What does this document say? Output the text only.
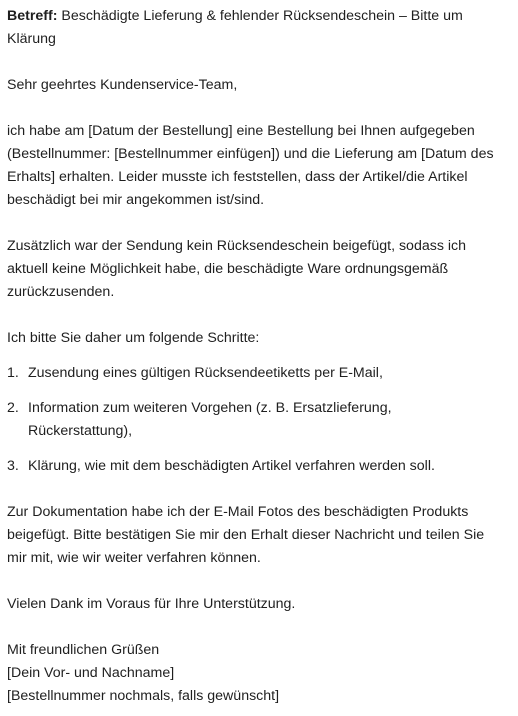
Betreff: Beschädigte Lieferung & fehlender Rücksendeschein – Bitte um Klärung

Sehr geehrtes Kundenservice-Team,

ich habe am [Datum der Bestellung] eine Bestellung bei Ihnen aufgegeben (Bestellnummer: [Bestellnummer einfügen]) und die Lieferung am [Datum des Erhalts] erhalten. Leider musste ich feststellen, dass der Artikel/die Artikel beschädigt bei mir angekommen ist/sind.

Zusätzlich war der Sendung kein Rücksendeschein beigefügt, sodass ich aktuell keine Möglichkeit habe, die beschädigte Ware ordnungsgemäß zurückzusenden.

Ich bitte Sie daher um folgende Schritte:

1. Zusendung eines gültigen Rücksendeetiketts per E-Mail,
2. Information zum weiteren Vorgehen (z. B. Ersatzlieferung, Rückerstattung),
3. Klärung, wie mit dem beschädigten Artikel verfahren werden soll.

Zur Dokumentation habe ich der E-Mail Fotos des beschädigten Produkts beigefügt. Bitte bestätigen Sie mir den Erhalt dieser Nachricht und teilen Sie mir mit, wie wir weiter verfahren können.

Vielen Dank im Voraus für Ihre Unterstützung.

Mit freundlichen Grüßen
[Dein Vor- und Nachname]
[Bestellnummer nochmals, falls gewünscht]
